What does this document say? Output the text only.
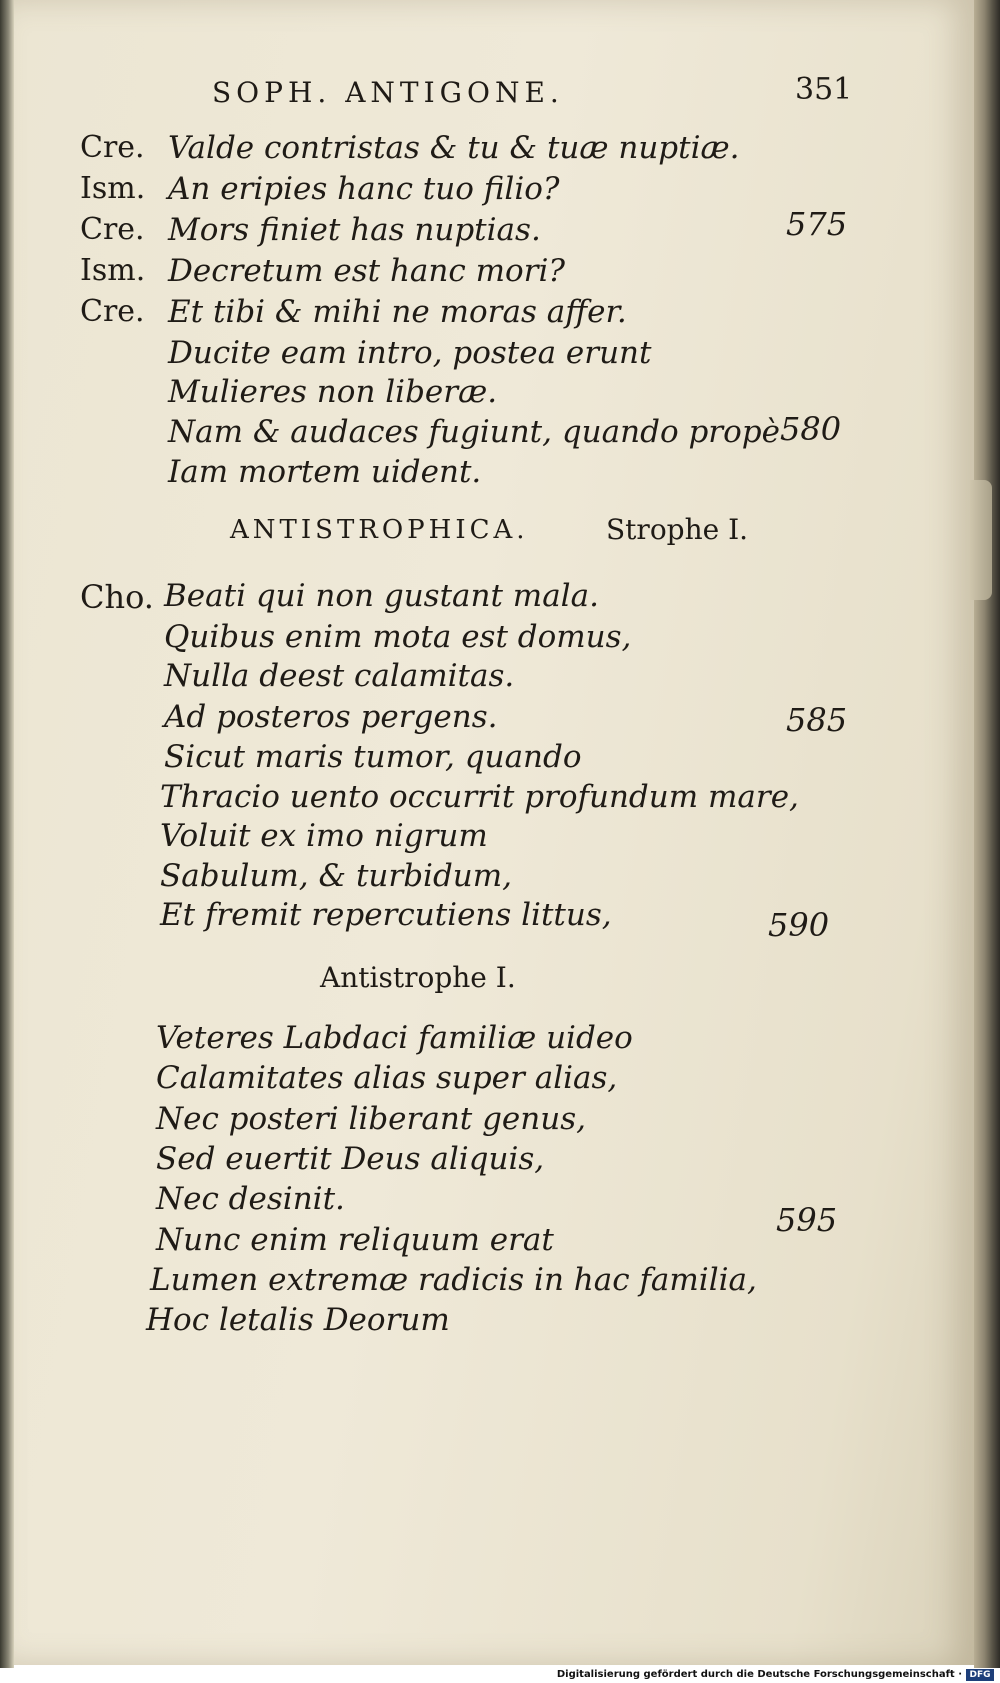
SOPH. ANTIGONE.	351
Cre. Valde contristas & tu & tuæ nuptiæ.
Ism. An eripies hanc tuo filio?
Cre. Mors finiet has nuptias.
Ism. Decretum est hanc mori?
Cre. Et tibi & mihi ne moras affer.
Ducite eam intro, postea erunt
Mulieres non liberæ.
Nam & audaces fugiunt, quando propè
Iam mortem uident.
ANTISTROPHICA.	Strophe I.
Cho. Beati qui non gustant mala.
Quibus enim mota est domus,
Nulla deest calamitas.
Ad posteros pergens.
Sicut maris tumor, quando
Thracio uento occurrit profundum mare,
Voluit ex imo nigrum
Sabulum, & turbidum,
Et fremit repercutiens littus,
Antistrophe I.
Veteres Labdaci familiæ uideo
Calamitates alias super alias,
Nec posteri liberant genus,
Sed euertit Deus aliquis,
Nec desinit.
Nunc enim reliquum erat
Lumen extremæ radicis in hac familia,
Hoc letalis Deorum
575
580
585
590
595
Digitalisierung gefördert durch die Deutsche Forschungsgemeinschaft · DFG
